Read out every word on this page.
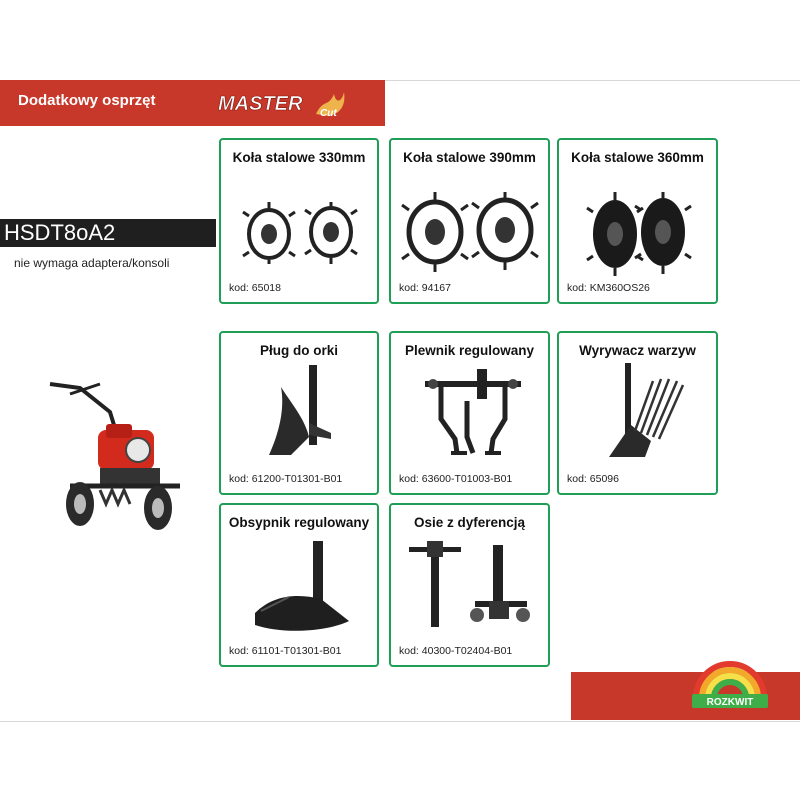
Dodatkowy osprzęt	MASTER Cut
HSDT8oA2
nie wymaga adaptera/konsoli
Koła stalowe 330mm
kod: 65018
Koła stalowe 390mm
kod: 94167
Koła stalowe 360mm
kod: KM360OS26
Pług do orki
kod: 61200-T01301-B01
Plewnik regulowany
kod: 63600-T01003-B01
Wyrywacz warzyw
kod: 65096
Obsypnik regulowany
kod: 61101-T01301-B01
Osie z dyferencją
kod: 40300-T02404-B01
ROZKWIT
